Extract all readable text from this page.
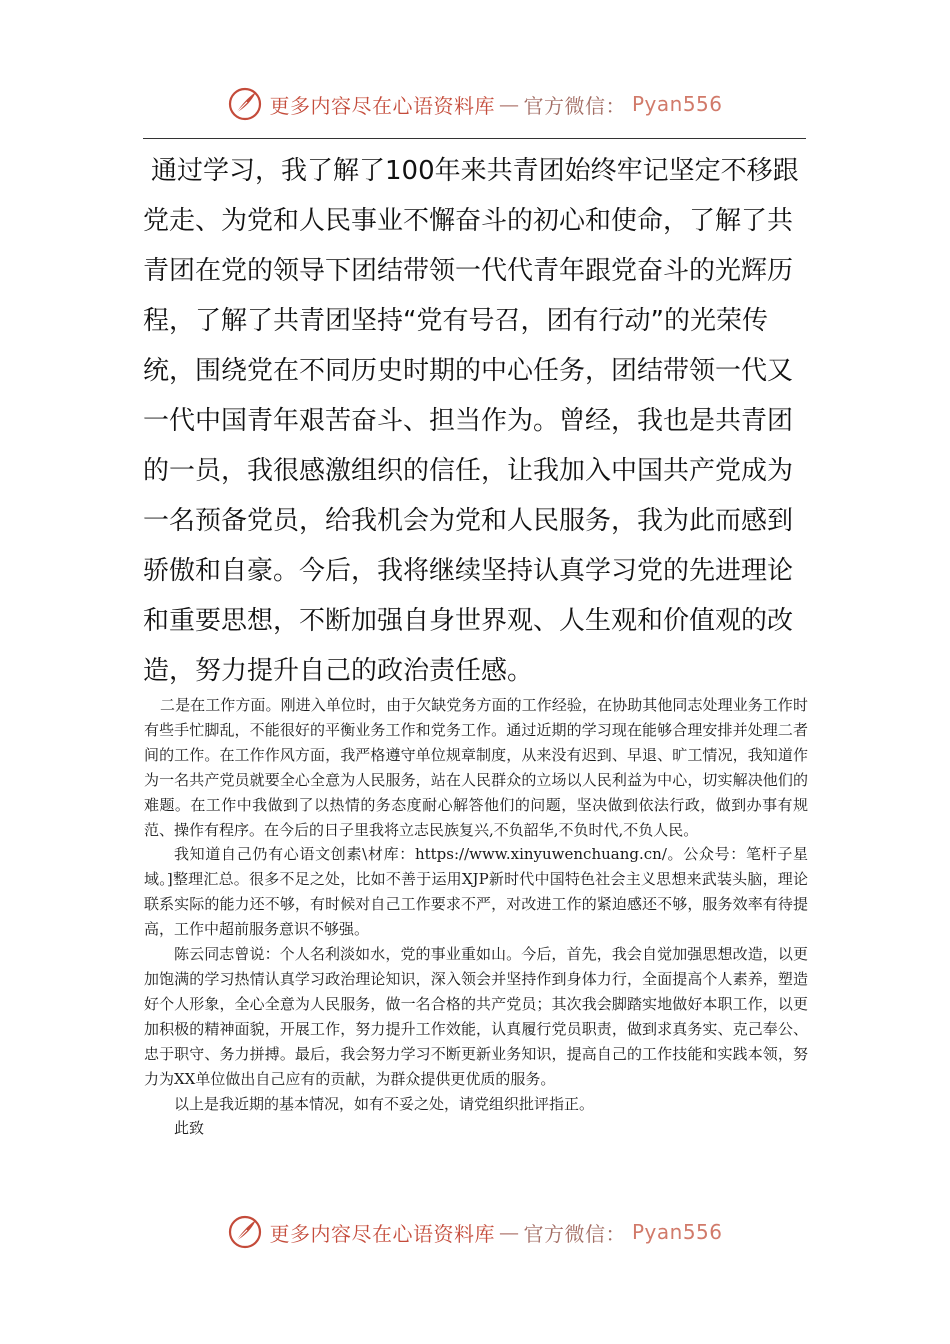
更多内容尽在心语资料库 — 官方微信： Pyan556

通过学习，我了解了100年来共青团始终牢记坚定不移跟党走、为党和人民事业不懈奋斗的初心和使命，了解了共青团在党的领导下团结带领一代代青年跟党奋斗的光辉历程，了解了共青团坚持“党有号召，团有行动”的光荣传统，围绕党在不同历史时期的中心任务，团结带领一代又一代中国青年艰苦奋斗、担当作为。曾经，我也是共青团的一员，我很感激组织的信任，让我加入中国共产党成为一名预备党员，给我机会为党和人民服务，我为此而感到骄傲和自豪。今后，我将继续坚持认真学习党的先进理论和重要思想，不断加强自身世界观、人生观和价值观的改造，努力提升自己的政治责任感。

二是在工作方面。刚进入单位时，由于欠缺党务方面的工作经验，在协助其他同志处理业务工作时有些手忙脚乱，不能很好的平衡业务工作和党务工作。通过近期的学习现在能够合理安排并处理二者间的工作。在工作作风方面，我严格遵守单位规章制度，从来没有迟到、早退、旷工情况，我知道作为一名共产党员就要全心全意为人民服务，站在人民群众的立场以人民利益为中心，切实解决他们的难题。在工作中我做到了以热情的务态度耐心解答他们的问题，坚决做到依法行政，做到办事有规范、操作有程序。在今后的日子里我将立志民族复兴,不负韶华,不负时代,不负人民。

我知道自己仍有心语文创素\材库：https://www.xinyuwenchuang.cn/。公众号：笔杆子星域。]整理汇总。很多不足之处，比如不善于运用XJP新时代中国特色社会主义思想来武装头脑，理论联系实际的能力还不够，有时候对自己工作要求不严，对改进工作的紧迫感还不够，服务效率有待提高，工作中超前服务意识不够强。

陈云同志曾说：个人名利淡如水，党的事业重如山。今后，首先，我会自觉加强思想改造，以更加饱满的学习热情认真学习政治理论知识，深入领会并坚持作到身体力行，全面提高个人素养，塑造好个人形象，全心全意为人民服务，做一名合格的共产党员；其次我会脚踏实地做好本职工作，以更加积极的精神面貌，开展工作，努力提升工作效能，认真履行党员职责，做到求真务实、克己奉公、忠于职守、务力拼搏。最后，我会努力学习不断更新业务知识，提高自己的工作技能和实践本领，努力为XX单位做出自己应有的贡献，为群众提供更优质的服务。

以上是我近期的基本情况，如有不妥之处，请党组织批评指正。

此致

更多内容尽在心语资料库 — 官方微信： Pyan556
